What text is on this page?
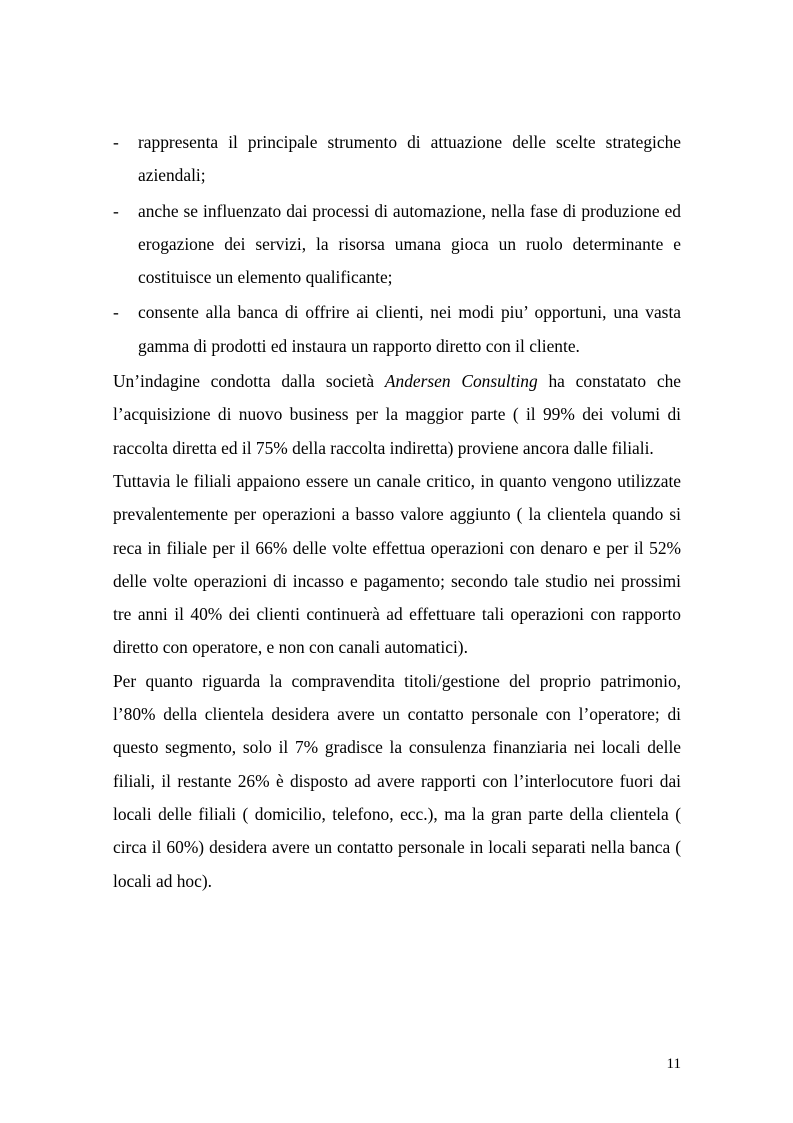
- rappresenta il principale strumento di attuazione delle scelte strategiche aziendali;
- anche se influenzato dai processi di automazione, nella fase di produzione ed erogazione dei servizi, la risorsa umana gioca un ruolo determinante e costituisce un elemento qualificante;
- consente alla banca di offrire ai clienti, nei modi piu’ opportuni, una vasta gamma di prodotti ed instaura un rapporto diretto con il cliente.

Un’indagine condotta dalla società Andersen Consulting ha constatato che l’acquisizione di nuovo business per la maggior parte ( il 99% dei volumi di raccolta diretta ed il 75% della raccolta indiretta) proviene ancora dalle filiali.

Tuttavia le filiali appaiono essere un canale critico, in quanto vengono utilizzate prevalentemente per operazioni a basso valore aggiunto ( la clientela quando si reca in filiale per il 66% delle volte effettua operazioni con denaro e per il 52% delle volte operazioni di incasso e pagamento; secondo tale studio nei prossimi tre anni il 40% dei clienti continuerà ad effettuare tali operazioni con rapporto diretto con operatore, e non con canali automatici).

Per quanto riguarda la compravendita titoli/gestione del proprio patrimonio, l’80% della clientela desidera avere un contatto personale con l’operatore; di questo segmento, solo il 7% gradisce la consulenza finanziaria nei locali delle filiali, il restante 26% è disposto ad avere rapporti con l’interlocutore fuori dai locali delle filiali ( domicilio, telefono, ecc.), ma la gran parte della clientela ( circa il 60%) desidera avere un contatto personale in locali separati nella banca ( locali ad hoc).

11
